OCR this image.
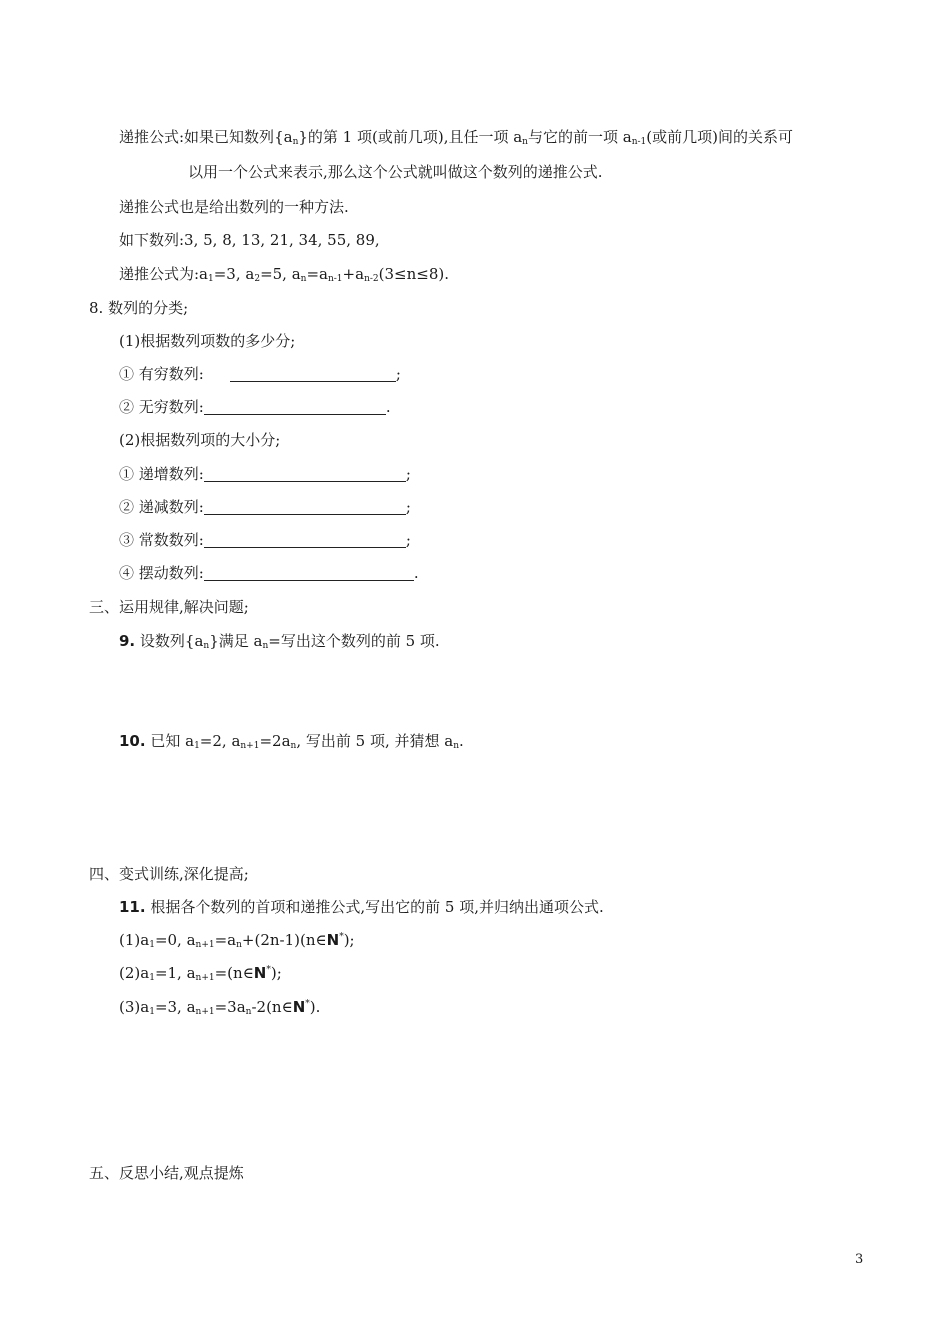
递推公式:如果已知数列$\{a_n\}$的第 1 项(或前几项),且任一项 $a_n$与它的前一项 $a_{n-1}$(或前几项)间的关系可
以用一个公式来表示,那么这个公式就叫做这个数列的递推公式.
递推公式也是给出数列的一种方法.
如下数列:3, 5, 8, 13, 21, 34, 55, 89,
递推公式为$:a_1=3$, $a_2=5$, $a_n=a_{n-1}+a_{n-2}(3\le n\le 8)$.
8. 数列的分类;
(1)根据数列项数的多少分;
① 有穷数列:	;
② 无穷数列:	.
(2)根据数列项的大小分;
① 递增数列:	;
② 递减数列:	;
③ 常数数列:	;
④ 摆动数列:	.
三、运用规律,解决问题;
9. 设数列$\{a_n\}$满足 $a_n=$写出这个数列的前 5 项.
10. 已知 $a_1=2$, $a_{n+1}=2a_n$, 写出前 5 项, 并猜想 $a_n$.
四、变式训练,深化提高;
11. 根据各个数列的首项和递推公式,写出它的前 5 项,并归纳出通项公式.
$(1)a_1=0$, $a_{n+1}=a_n+(2n-1)(n\in N^*)$;
$(2)a_1=1$, $a_{n+1}=(n\in N^*)$;
$(3)a_1=3$, $a_{n+1}=3a_n-2(n\in N^*)$.
五、反思小结,观点提炼
3
